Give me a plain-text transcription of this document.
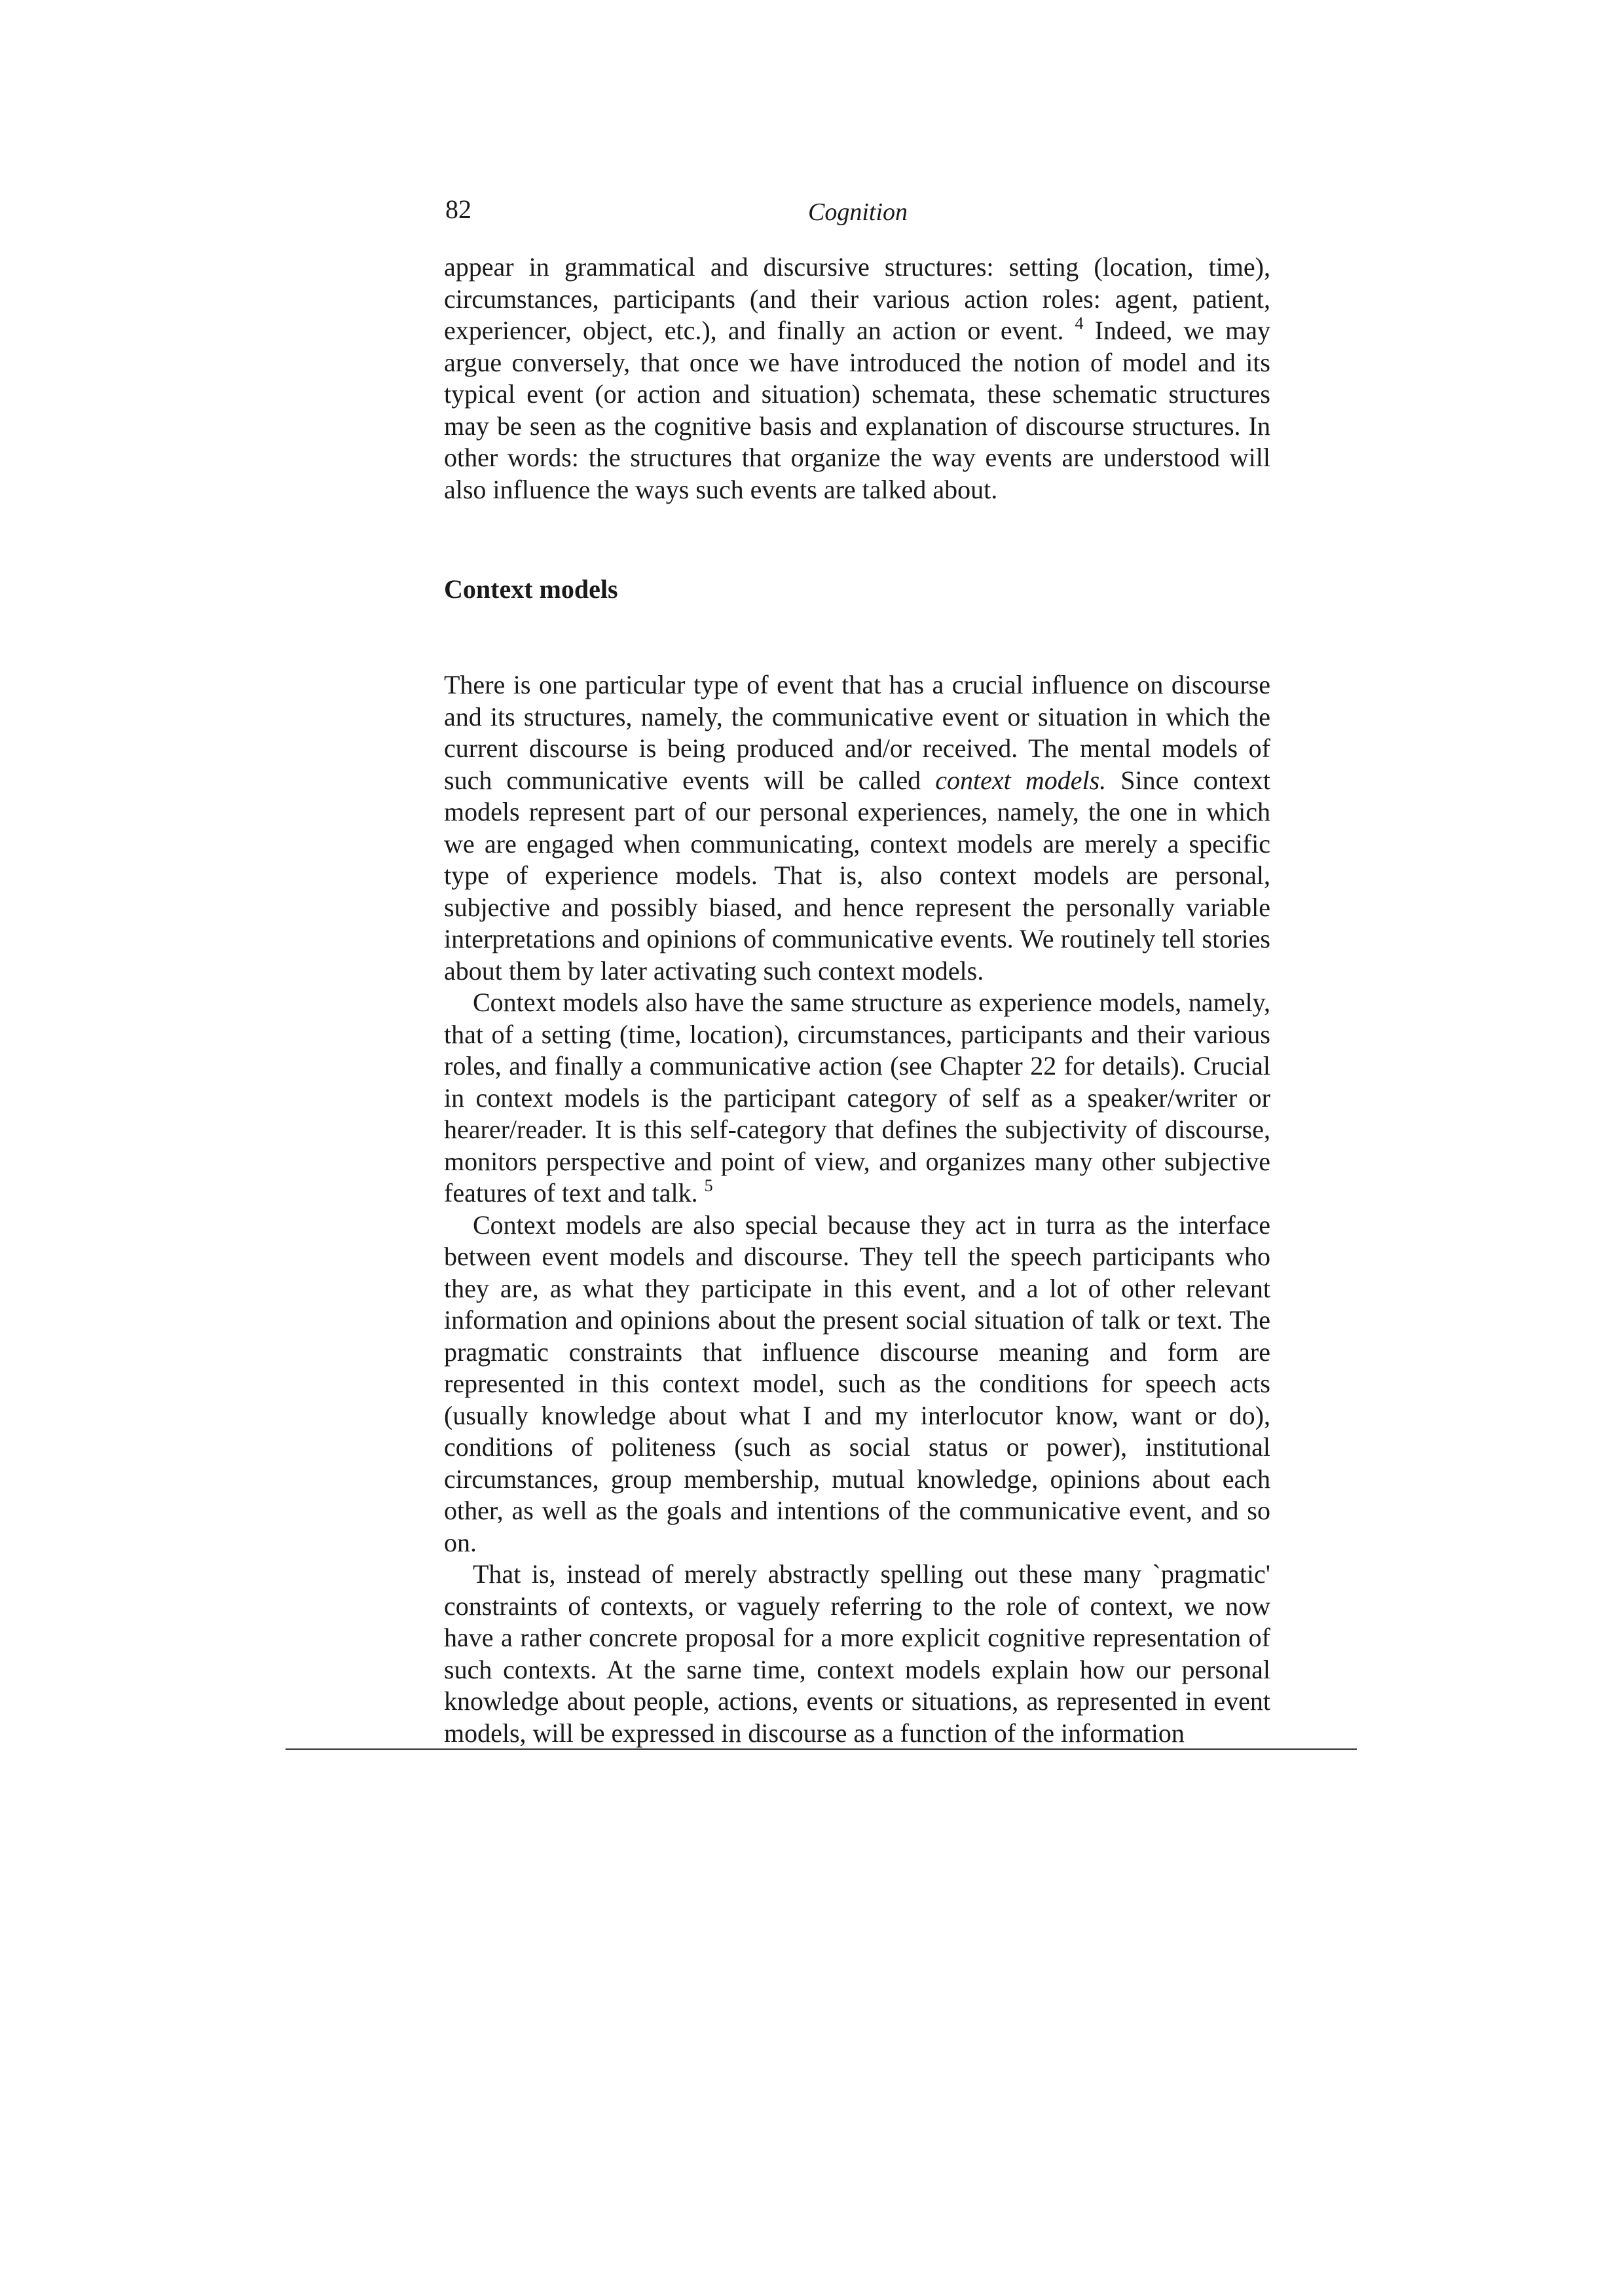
82	Cognition

appear in grammatical and discursive structures: setting (location, time), circumstances, participants (and their various action roles: agent, patient, experiencer, object, etc.), and finally an action or event. $^4$ Indeed, we may argue conversely, that once we have introduced the notion of model and its typical event (or action and situation) schemata, these schematic structures may be seen as the cognitive basis and explanation of discourse structures. In other words: the structures that organize the way events are understood will also influence the ways such events are talked about.

Context models

There is one particular type of event that has a crucial influence on discourse and its structures, namely, the communicative event or situation in which the current discourse is being produced and/or received. The mental models of such communicative events will be called context models. Since context models represent part of our personal experiences, namely, the one in which we are engaged when communicating, context models are merely a specific type of experience models. That is, also context models are personal, subjective and possibly biased, and hence represent the personally variable interpretations and opinions of communicative events. We routinely tell stories about them by later activating such context models.

Context models also have the same structure as experience models, namely, that of a setting (time, location), circumstances, participants and their various roles, and finally a communicative action (see Chapter 22 for details). Crucial in context models is the participant category of self as a speaker/writer or hearer/reader. It is this self-category that defines the subjectivity of discourse, monitors perspective and point of view, and organizes many other subjective features of text and talk. $^5$

Context models are also special because they act in turra as the interface between event models and discourse. They tell the speech participants who they are, as what they participate in this event, and a lot of other relevant information and opinions about the present social situation of talk or text. The pragmatic constraints that influence discourse meaning and form are represented in this context model, such as the conditions for speech acts (usually knowledge about what I and my interlocutor know, want or do), conditions of politeness (such as social status or power), institutional circumstances, group membership, mutual knowledge, opinions about each other, as well as the goals and intentions of the communicative event, and so on.

That is, instead of merely abstractly spelling out these many `pragmatic' constraints of contexts, or vaguely referring to the role of context, we now have a rather concrete proposal for a more explicit cognitive representation of such contexts. At the sarne time, context models explain how our personal knowledge about people, actions, events or situations, as represented in event models, will be expressed in discourse as a function of the information
